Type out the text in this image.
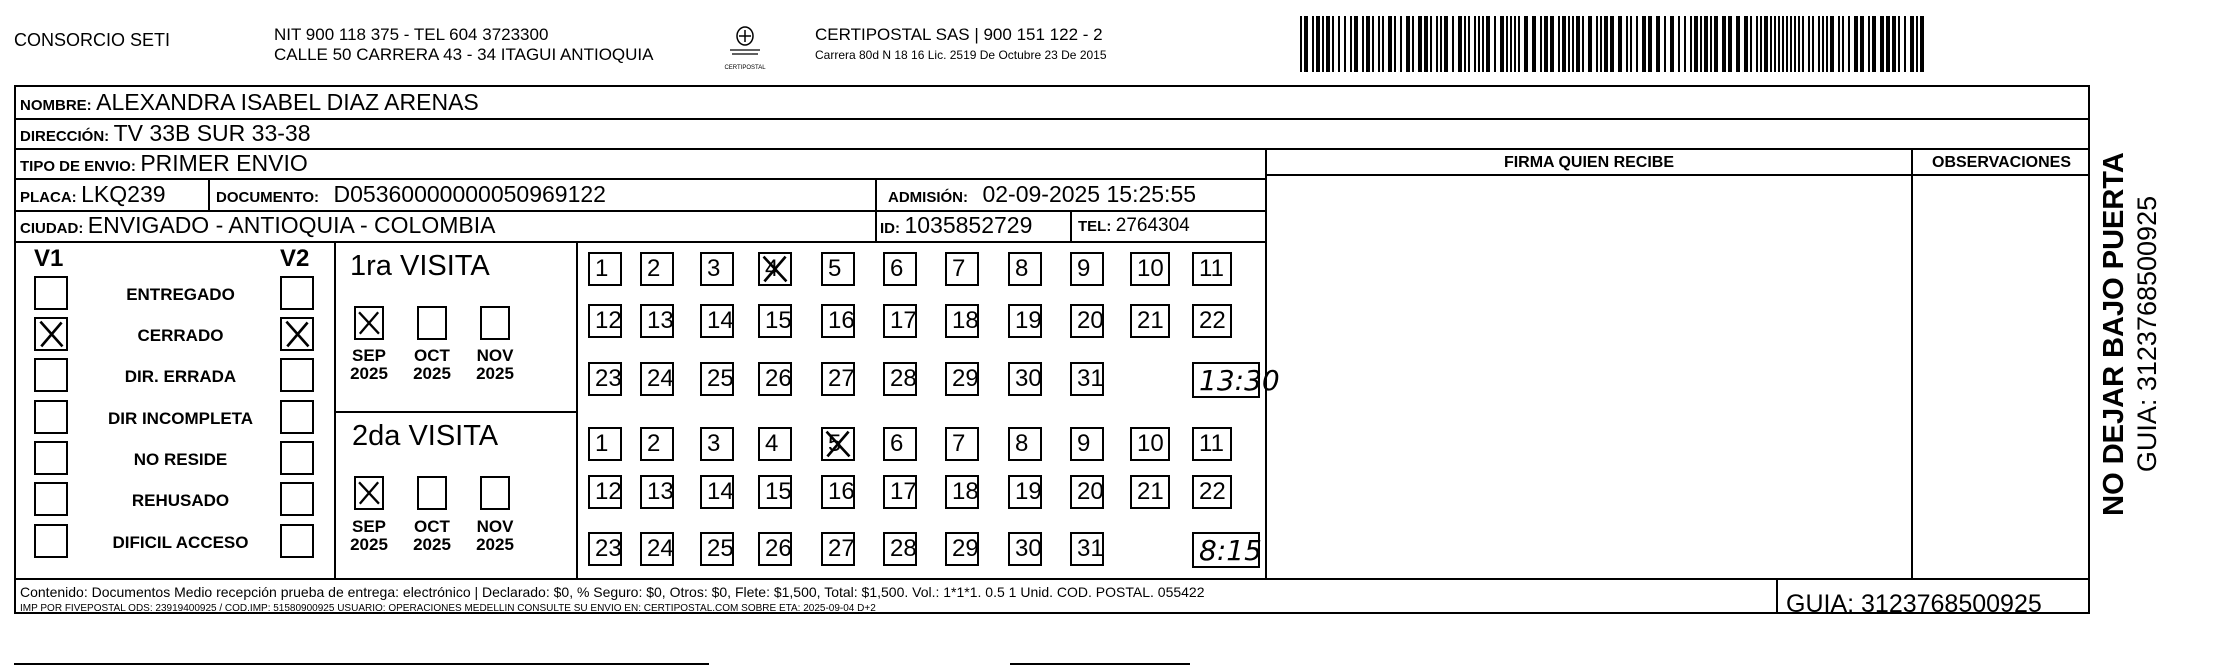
CONSORCIO SETI	NIT 900 118 375 - TEL 604 3723300
CALLE 50 CARRERA 43 - 34 ITAGUI ANTIOQUIA
CERTIPOSTAL
CERTIPOSTAL SAS | 900 151 122 - 2
Carrera 80d N 18 16 Lic. 2519 De Octubre 23 De 2015
NOMBRE: ALEXANDRA ISABEL DIAZ ARENAS
DIRECCIÓN: TV 33B SUR 33-38
TIPO DE ENVIO: PRIMER ENVIO
PLACA: LKQ239	DOCUMENTO: D05360000000050969122	ADMISIÓN: 02-09-2025 15:25:55
CIUDAD: ENVIGADO - ANTIOQUIA - COLOMBIA	ID: 1035852729	TEL: 2764304
FIRMA QUIEN RECIBE	OBSERVACIONES
V1	V2
ENTREGADO
CERRADO
DIR. ERRADA
DIR INCOMPLETA
NO RESIDE
REHUSADO
DIFICIL ACCESO
1ra VISITA
SEP
2025
OCT
2025
NOV
2025
1	2	3	4	5	6	7	8	9	10 11
12 13 14 15 16 17 18 19 20 21 22
23 24 25 26 27 28 29 30 31	13:30
2da VISITA
SEP
2025
OCT
2025
NOV
2025
1	2	3	4	5	6	7	8	9	10 11
12 13 14 15 16 17 18 19 20 21 22
23 24 25 26 27 28 29 30 31	8:15
Contenido: Documentos Medio recepción prueba de entrega: electrónico | Declarado: $0, % Seguro: $0, Otros: $0, Flete: $1,500, Total: $1,500. Vol.: 1*1*1. 0.5 1 Unid. COD. POSTAL. 055422
IMP POR FIVEPOSTAL ODS: 23919400925 / COD.IMP: 51580900925 USUARIO: OPERACIONES MEDELLIN CONSULTE SU ENVIO EN: CERTIPOSTAL.COM SOBRE ETA: 2025-09-04 D+2	GUIA: 3123768500925
NO DEJAR BAJO PUERTA GUIA: 3123768500925
